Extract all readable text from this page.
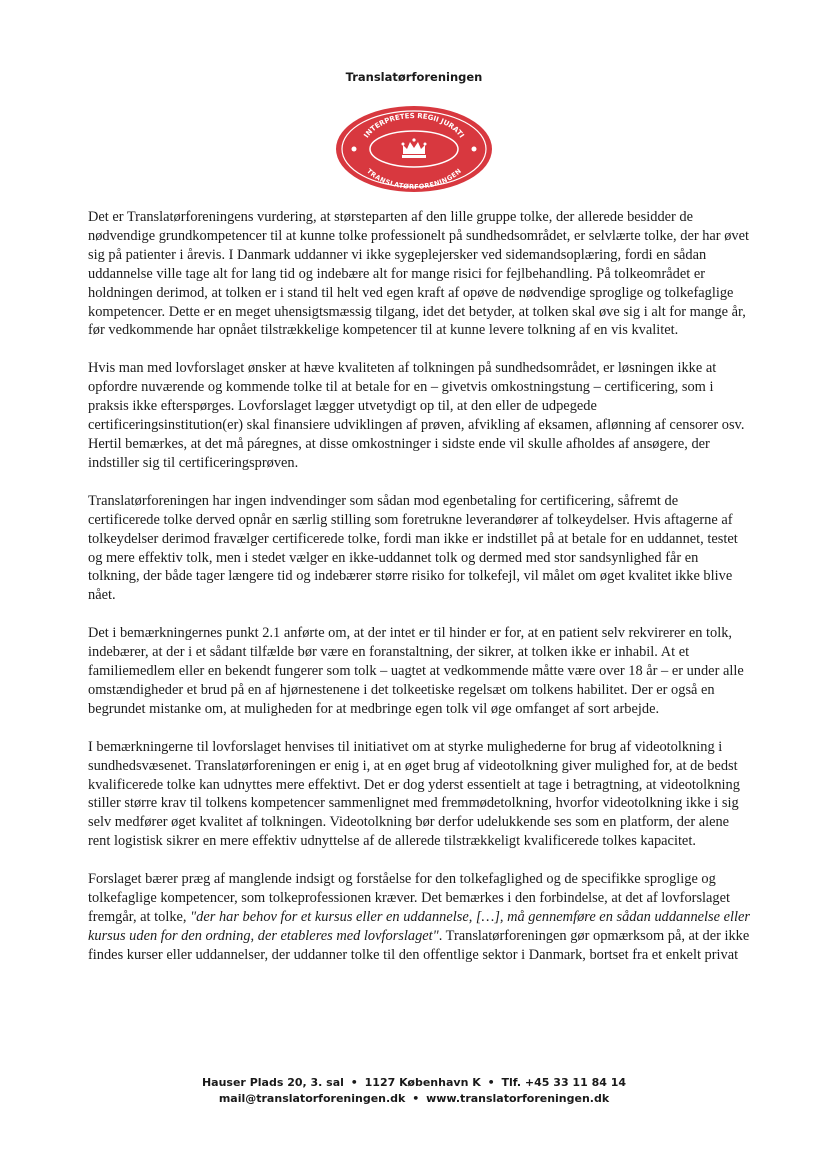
Translatørforeningen
INTERPRETES REGII JURATI
TRANSLATØRFORENINGEN

Det er Translatørforeningens vurdering, at størsteparten af den lille gruppe tolke, der allerede besidder de nødvendige grundkompetencer til at kunne tolke professionelt på sundhedsområdet, er selvlærte tolke, der har øvet sig på patienter i årevis. I Danmark uddanner vi ikke sygeplejersker ved sidemandsoplæring, fordi en sådan uddannelse ville tage alt for lang tid og indebære alt for mange risici for fejlbehandling. På tolkeområdet er holdningen derimod, at tolken er i stand til helt ved egen kraft af opøve de nødvendige sproglige og tolkefaglige kompetencer. Dette er en meget uhensigtsmæssig tilgang, idet det betyder, at tolken skal øve sig i alt for mange år, før vedkommende har opnået tilstrækkelige kompetencer til at kunne levere tolkning af en vis kvalitet.

Hvis man med lovforslaget ønsker at hæve kvaliteten af tolkningen på sundhedsområdet, er løsningen ikke at opfordre nuværende og kommende tolke til at betale for en – givetvis omkostningstung – certificering, som i praksis ikke efterspørges. Lovforslaget lægger utvetydigt op til, at den eller de udpegede certificeringsinstitution(er) skal finansiere udviklingen af prøven, afvikling af eksamen, aflønning af censorer osv. Hertil bemærkes, at det må páregnes, at disse omkostninger i sidste ende vil skulle afholdes af ansøgere, der indstiller sig til certificeringsprøven.

Translatørforeningen har ingen indvendinger som sådan mod egenbetaling for certificering, såfremt de certificerede tolke derved opnår en særlig stilling som foretrukne leverandører af tolkeydelser. Hvis aftagerne af tolkeydelser derimod fravælger certificerede tolke, fordi man ikke er indstillet på at betale for en uddannet, testet og mere effektiv tolk, men i stedet vælger en ikke-uddannet tolk og dermed med stor sandsynlighed får en tolkning, der både tager længere tid og indebærer større risiko for tolkefejl, vil målet om øget kvalitet ikke blive nået.

Det i bemærkningernes punkt 2.1 anførte om, at der intet er til hinder er for, at en patient selv rekvirerer en tolk, indebærer, at der i et sådant tilfælde bør være en foranstaltning, der sikrer, at tolken ikke er inhabil. At et familiemedlem eller en bekendt fungerer som tolk – uagtet at vedkommende måtte være over 18 år – er under alle omstændigheder et brud på en af hjørnestenene i det tolkeetiske regelsæt om tolkens habilitet. Der er også en begrundet mistanke om, at muligheden for at medbringe egen tolk vil øge omfanget af sort arbejde.

I bemærkningerne til lovforslaget henvises til initiativet om at styrke mulighederne for brug af videotolkning i sundhedsvæsenet. Translatørforeningen er enig i, at en øget brug af videotolkning giver mulighed for, at de bedst kvalificerede tolke kan udnyttes mere effektivt. Det er dog yderst essentielt at tage i betragtning, at videotolkning stiller større krav til tolkens kompetencer sammenlignet med fremmødetolkning, hvorfor videotolkning ikke i sig selv medfører øget kvalitet af tolkningen. Videotolkning bør derfor udelukkende ses som en platform, der alene rent logistisk sikrer en mere effektiv udnyttelse af de allerede tilstrækkeligt kvalificerede tolkes kapacitet.

Forslaget bærer præg af manglende indsigt og forståelse for den tolkefaglighed og de specifikke sproglige og tolkefaglige kompetencer, som tolkeprofessionen kræver. Det bemærkes i den forbindelse, at det af lovforslaget fremgår, at tolke, "der har behov for et kursus eller en uddannelse, […], må gennemføre en sådan uddannelse eller kursus uden for den ordning, der etableres med lovforslaget". Translatørforeningen gør opmærksom på, at der ikke findes kurser eller uddannelser, der uddanner tolke til den offentlige sektor i Danmark, bortset fra et enkelt privat

Hauser Plads 20, 3. sal • 1127 København K • Tlf. +45 33 11 84 14
mail@translatorforeningen.dk • www.translatorforeningen.dk
